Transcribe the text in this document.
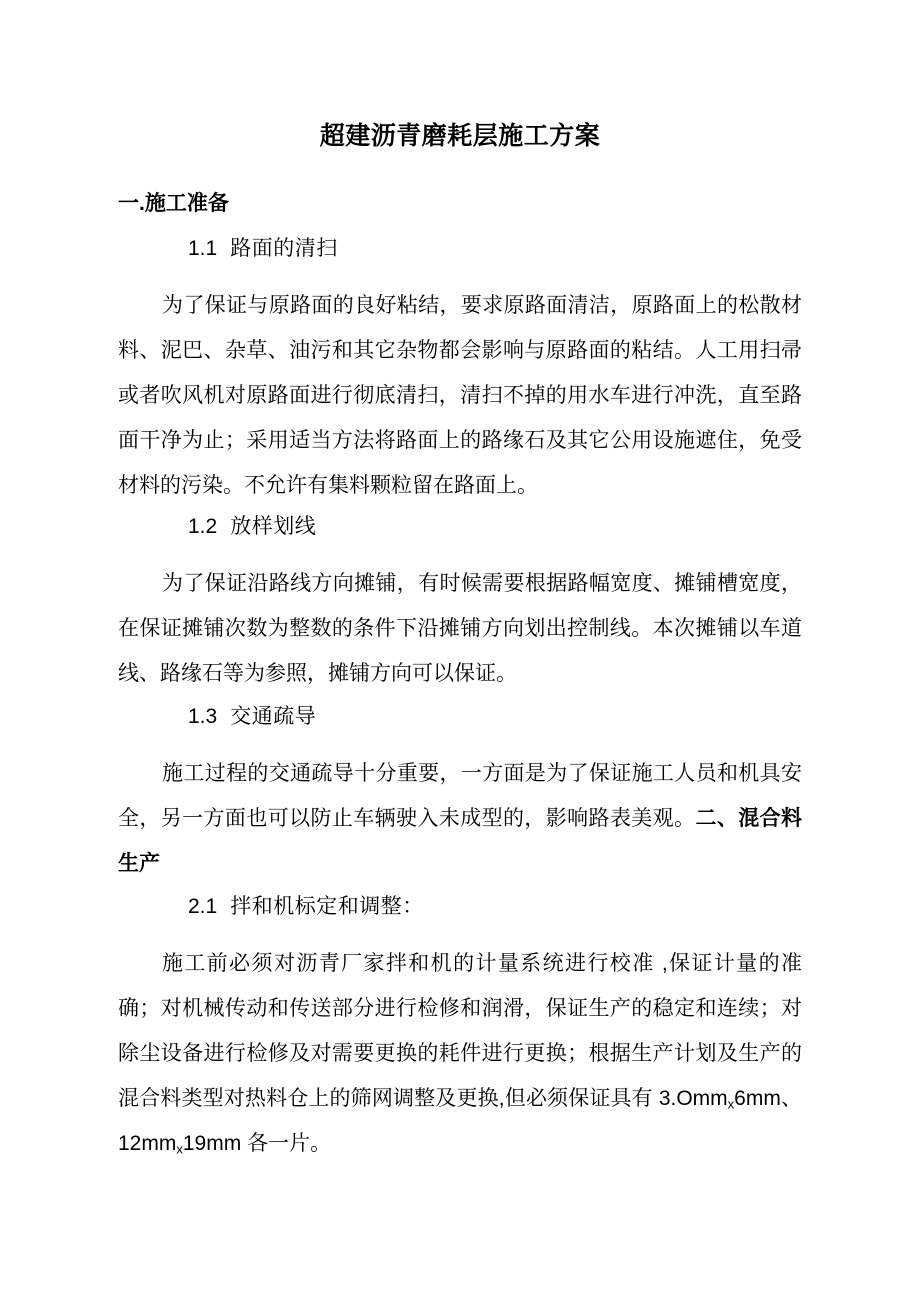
超建沥青磨耗层施工方案
一.施工准备
1.1 路面的清扫

为了保证与原路面的良好粘结，要求原路面清洁，原路面上的松散材料、泥巴、杂草、油污和其它杂物都会影响与原路面的粘结。人工用扫帚或者吹风机对原路面进行彻底清扫，清扫不掉的用水车进行冲洗，直至路面干净为止；采用适当方法将路面上的路缘石及其它公用设施遮住，免受材料的污染。不允许有集料颗粒留在路面上。

1.2 放样划线

为了保证沿路线方向摊铺，有时候需要根据路幅宽度、摊铺槽宽度，在保证摊铺次数为整数的条件下沿摊铺方向划出控制线。本次摊铺以车道线、路缘石等为参照，摊铺方向可以保证。

1.3 交通疏导

施工过程的交通疏导十分重要，一方面是为了保证施工人员和机具安全，另一方面也可以防止车辆驶入未成型的，影响路表美观。二、混合料生产

2.1 拌和机标定和调整：

施工前必须对沥青厂家拌和机的计量系统进行校准 ,保证计量的准确；对机械传动和传送部分进行检修和润滑，保证生产的稳定和连续；对除尘设备进行检修及对需要更换的耗件进行更换；根据生产计划及生产的混合料类型对热料仓上的筛网调整及更换,但必须保证具有 3.Omm$_x$6mm、$12mm_x19mm$ 各一片。
